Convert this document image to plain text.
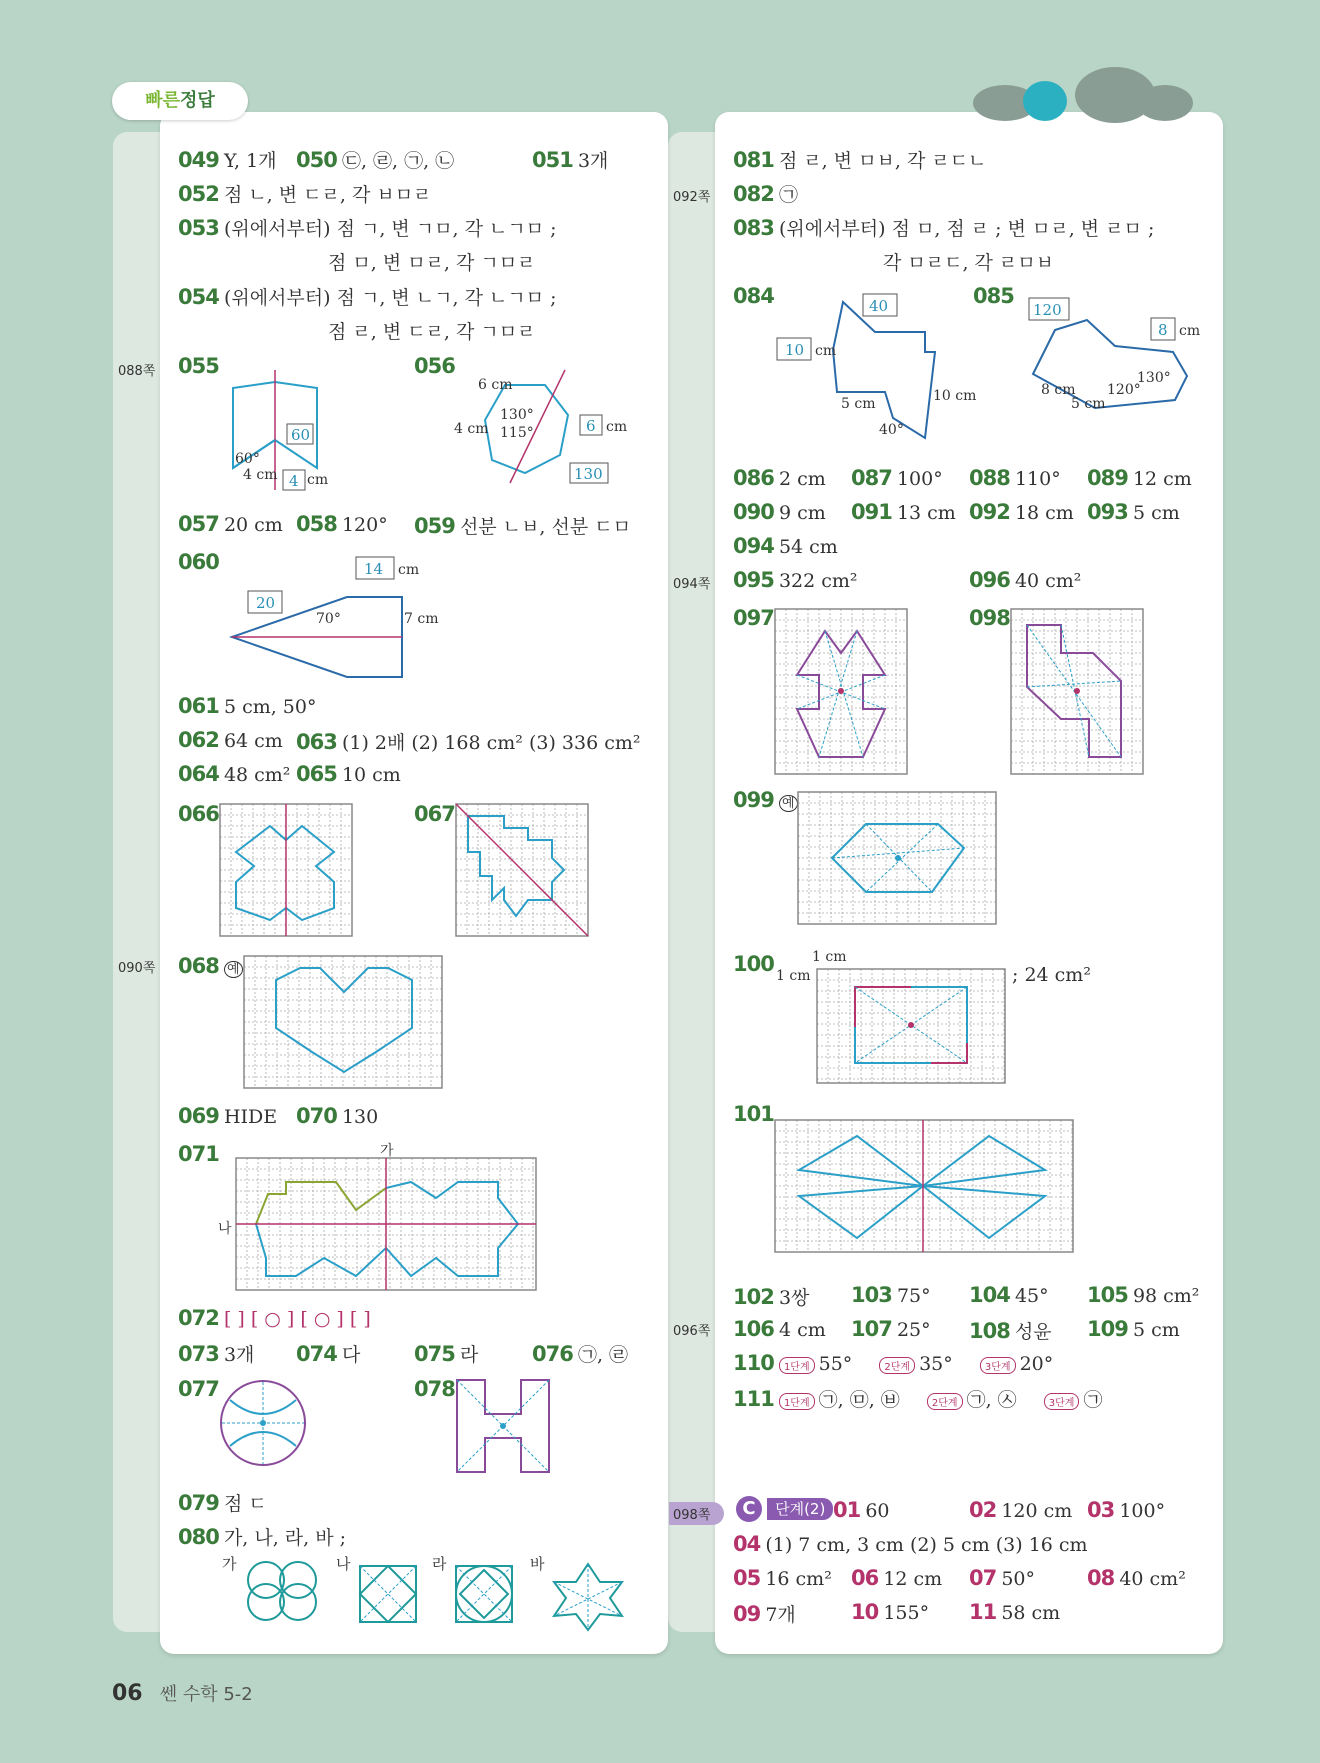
빠른정답
06 쎈 수학 5-2
088쪽
090쪽
092쪽
094쪽
096쪽
098쪽
049 Y, 1개 050 ㉢, ㉣, ㉠, ㉡	051 3개
052 점 ㄴ, 변 ㄷㄹ, 각 ㅂㅁㄹ
053 (위에서부터) 점 ㄱ, 변 ㄱㅁ, 각 ㄴㄱㅁ ;
점 ㅁ, 변 ㅁㄹ, 각 ㄱㅁㄹ
054 (위에서부터) 점 ㄱ, 변 ㄴㄱ, 각 ㄴㄱㅁ ;
점 ㄹ, 변 ㄷㄹ, 각 ㄱㅁㄹ
055
60°
4 cm
60
4 cm
056
6 cm
4 cm
130°
115°	6 cm
130
057 20 cm 058 120° 059 선분 ㄴㅂ, 선분 ㄷㅁ
060	14 cm
20
70°	7 cm
061 5 cm, 50°
062 64 cm 063 (1) 2배 (2) 168 cm² (3) 336 cm²
064 48 cm² 065 10 cm
066	067
068 예
069 HIDE 070 130
071	가
나
072 [ ] [ ○ ] [ ○ ] [ ]
073 3개 074 다	075 라	076 ㉠, ㉣
077	078
079 점 ㄷ
080 가, 나, 라, 바 ;
가	나	라	바
081 점 ㄹ, 변 ㅁㅂ, 각 ㄹㄷㄴ
082 ㉠
083 (위에서부터) 점 ㅁ, 점 ㄹ ; 변 ㅁㄹ, 변 ㄹㅁ ;
각 ㅁㄹㄷ, 각 ㄹㅁㅂ
084	40
10 cm
5 cm	10 cm
40°
085
120
8 cm
8 cm
5 cm
120°
130°
086 2 cm 087 100° 088 110° 089 12 cm
090 9 cm 091 13 cm 092 18 cm 093 5 cm
094 54 cm
095 322 cm²	096 40 cm²
097	098
099 예
100	1 cm
1 cm	; 24 cm²
101
102 3쌍 103 75° 104 45° 105 98 cm²
106 4 cm 107 25° 108 성윤 109 5 cm
110 1단계 55°	2단계 35°	3단계 20°
111 1단계 ㉠, ㉤, ㉥	2단계 ㉠, ㉦	3단계 ㉠
C 단계(2) 01 60	02 120 cm 03 100°
04 (1) 7 cm, 3 cm (2) 5 cm (3) 16 cm
05 16 cm² 06 12 cm 07 50° 08 40 cm²
09 7개	10 155° 11 58 cm
